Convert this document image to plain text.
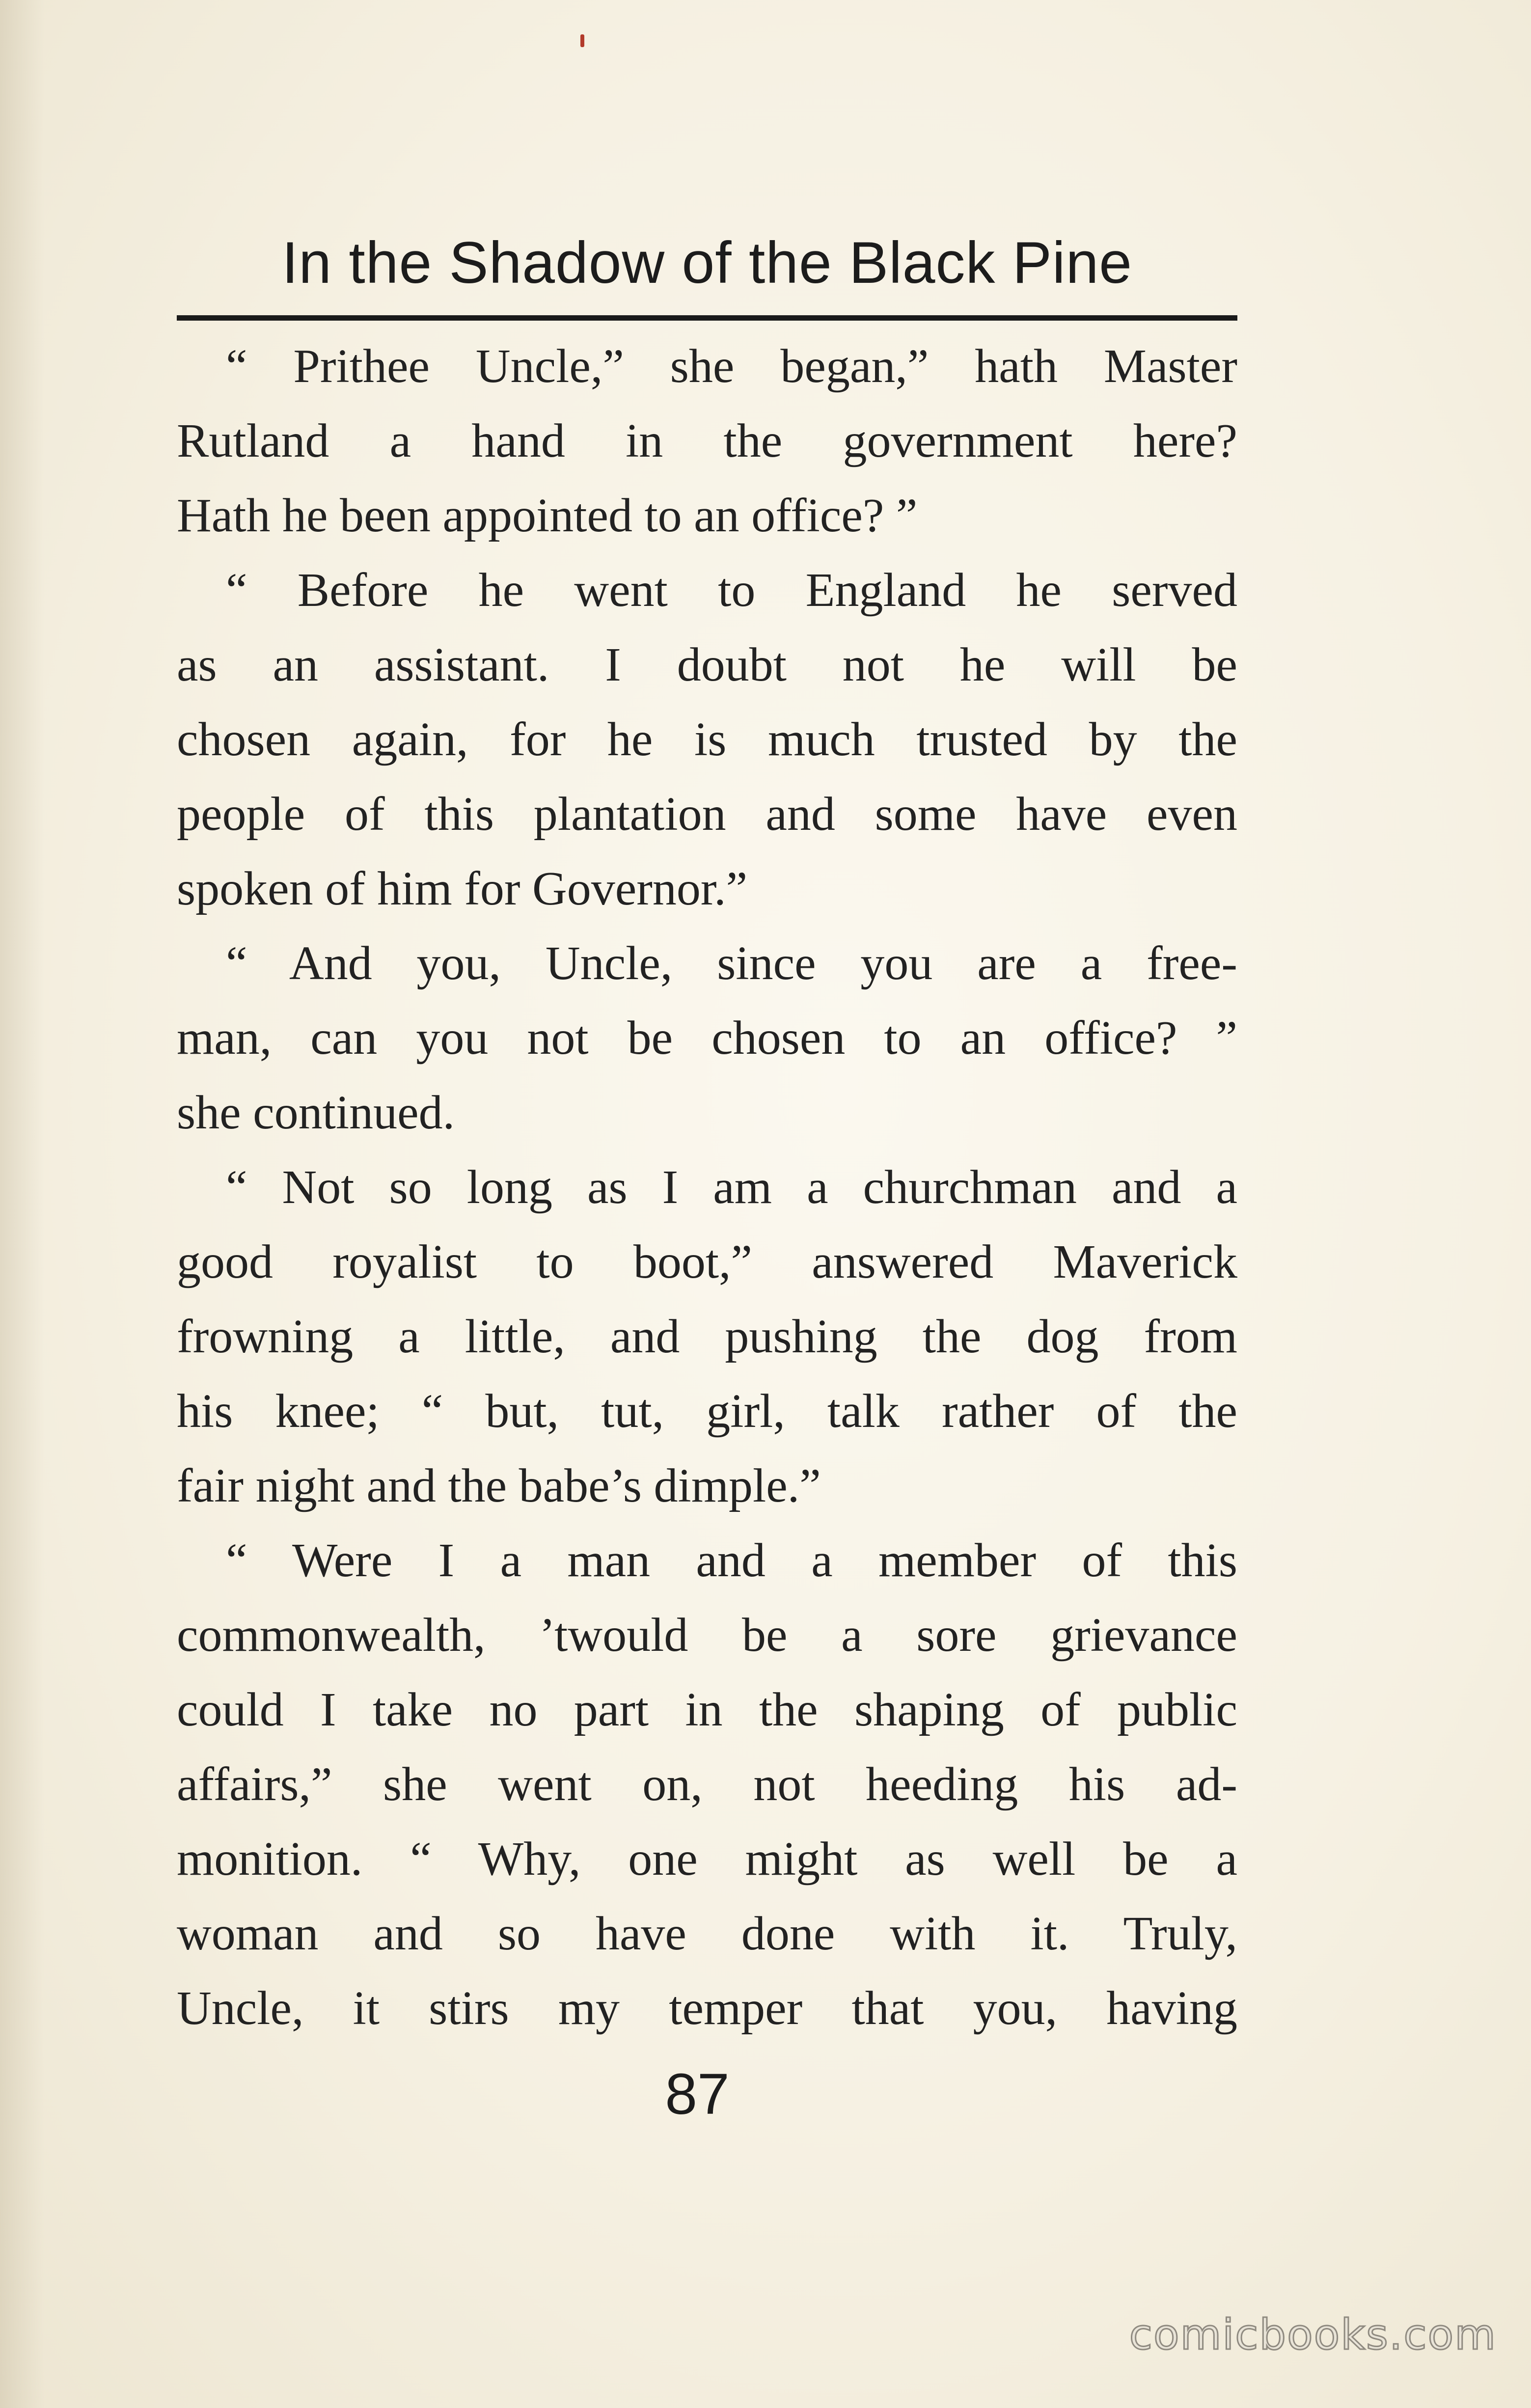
In the Shadow of the Black Pine
“ Prithee Uncle,” she began,” hath Master
Rutland a hand in the government here?
Hath he been appointed to an office? ”
“ Before he went to England he served
as an assistant. I doubt not he will be
chosen again, for he is much trusted by the
people of this plantation and some have even
spoken of him for Governor.”
“ And you, Uncle, since you are a free-
man, can you not be chosen to an office? ”
she continued.
“ Not so long as I am a churchman and a
good royalist to boot,” answered Maverick
frowning a little, and pushing the dog from
his knee; “ but, tut, girl, talk rather of the
fair night and the babe’s dimple.”
“ Were I a man and a member of this
commonwealth, ’twould be a sore grievance
could I take no part in the shaping of public
affairs,” she went on, not heeding his ad-
monition. “ Why, one might as well be a
woman and so have done with it. Truly,
Uncle, it stirs my temper that you, having
87
comicbooks.com
